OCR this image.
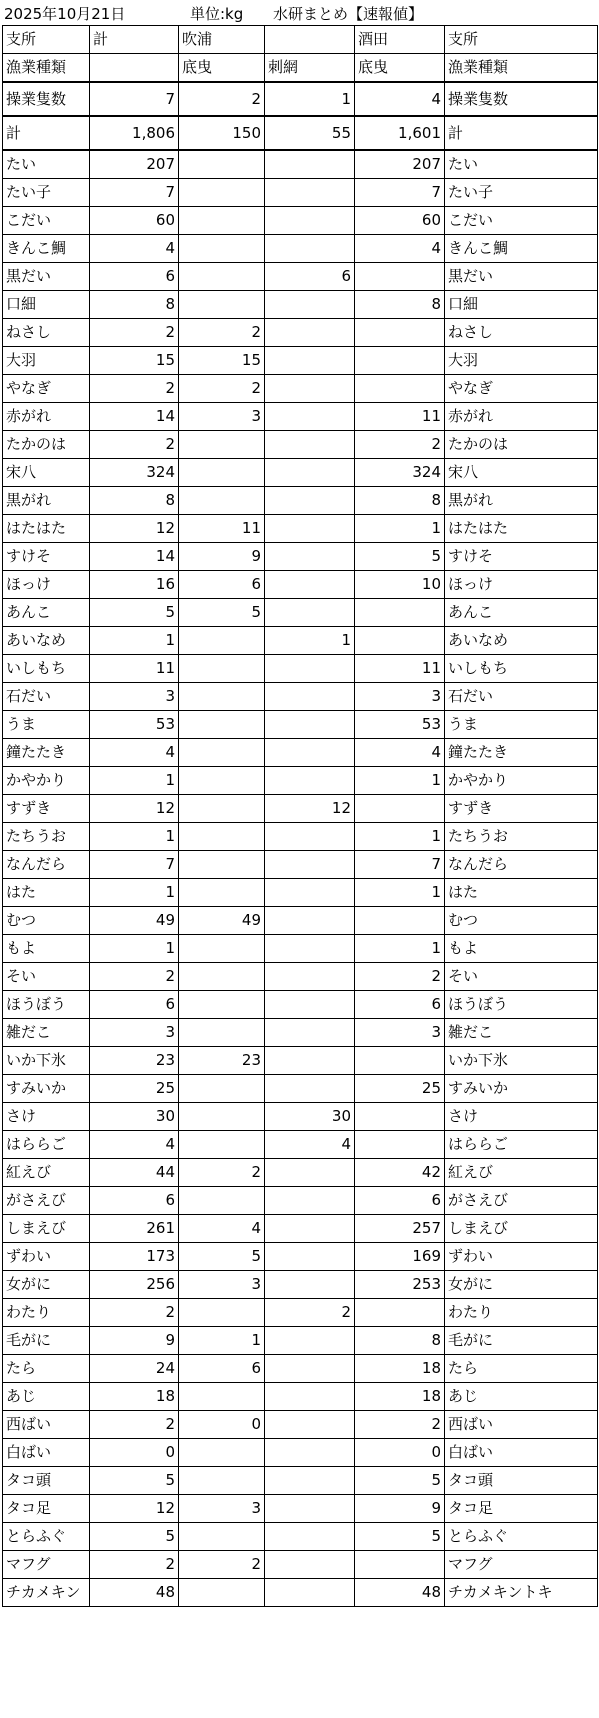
2025年10月21日	単位:kg 水研まとめ【速報値】
支所	計	吹浦		酒田	支所
漁業種類		底曳	刺網	底曳	漁業種類
操業隻数	7	2	1	4	操業隻数
計	1,806	150	55	1,601	計
たい	207			207	たい
たい子	7			7	たい子
こだい	60			60	こだい
きんこ鯛	4			4	きんこ鯛
黒だい	6		6		黒だい
口細	8			8	口細
ねさし	2	2			ねさし
大羽	15	15			大羽
やなぎ	2	2			やなぎ
赤がれ	14	3		11	赤がれ
たかのは	2			2	たかのは
宋八	324			324	宋八
黒がれ	8			8	黒がれ
はたはた	12	11		1	はたはた
すけそ	14	9		5	すけそ
ほっけ	16	6		10	ほっけ
あんこ	5	5			あんこ
あいなめ	1		1		あいなめ
いしもち	11			11	いしもち
石だい	3			3	石だい
うま	53			53	うま
鐘たたき	4			4	鐘たたき
かやかり	1			1	かやかり
すずき	12		12		すずき
たちうお	1			1	たちうお
なんだら	7			7	なんだら
はた	1			1	はた
むつ	49	49			むつ
もよ	1			1	もよ
そい	2			2	そい
ほうぼう	6			6	ほうぼう
雑だこ	3			3	雑だこ
いか下氷	23	23			いか下氷
すみいか	25			25	すみいか
さけ	30		30		さけ
はららご	4		4		はららご
紅えび	44	2		42	紅えび
がさえび	6			6	がさえび
しまえび	261	4		257	しまえび
ずわい	173	5		169	ずわい
女がに	256	3		253	女がに
わたり	2		2		わたり
毛がに	9	1		8	毛がに
たら	24	6		18	たら
あじ	18			18	あじ
西ばい	2	0		2	西ばい
白ばい	0			0	白ばい
タコ頭	5			5	タコ頭
タコ足	12	3		9	タコ足
とらふぐ	5			5	とらふぐ
マフグ	2	2			マフグ
チカメキン	48			48	チカメキントキ
